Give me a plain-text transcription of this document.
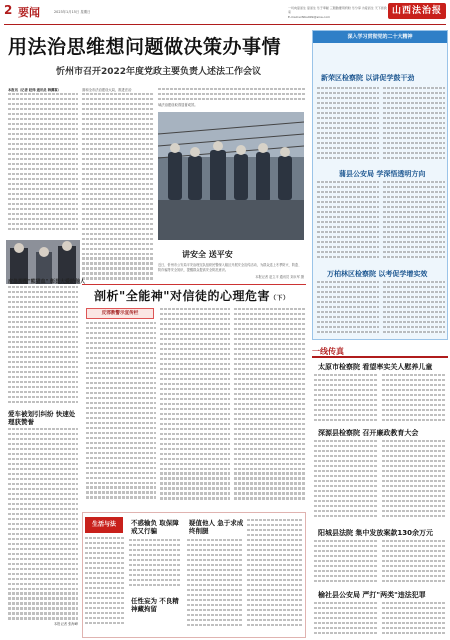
2 要闻	2023年1月15日 星期日
一切向爱而生 爱而生 乐于奉献 三胞胎要用奶粉 乐分享 为爱而生 天下皆我 家
E-mail:sxfzbs999@sina.com
山西法治报
用法治思维想问题做决策办事情
忻州市召开2022年度党政主要负责人述法工作会议
本报讯（记者 赵炜 通讯员 韩渊霖）	面和全市法治建设大局，推进法治
域法治建设取得显著成效。
讲安全 送平安
近日，忻州市公安局平安治理支队组织民警深入辖区开展安全宣传活动，为群众送上冬季防火、防盗、防诈骗等安全知识，提醒群众提高安全防范意识。
本报记者 赵立平 通讯员 刘永军 摄
应急提醒"熊猫血" 彰显大爱助他人
深入学习贯彻党的二十大精神
新荣区检察院 以讲促学鼓干劲
蒲县公安局 学深悟透明方向
万柏林区检察院 以考促学增实效
剖析"全能神"对信徒的心理危害（下）
反邪教警示宣传栏
爱车被划引纠纷 快速处理获赞誉
本报记者 张海峰
生活与法	不惑输负 取保障戒又行骗
疑值他人 急于求成终削腿
任性妄为 不良精神藏拘留
一线传真
太原市检察院 看望率实关人慰养儿童
深源县检察院 召开廉政教育大会
阳城县法院 集中发放案款130余万元
榆社县公安局 严打"两类"违法犯罪
